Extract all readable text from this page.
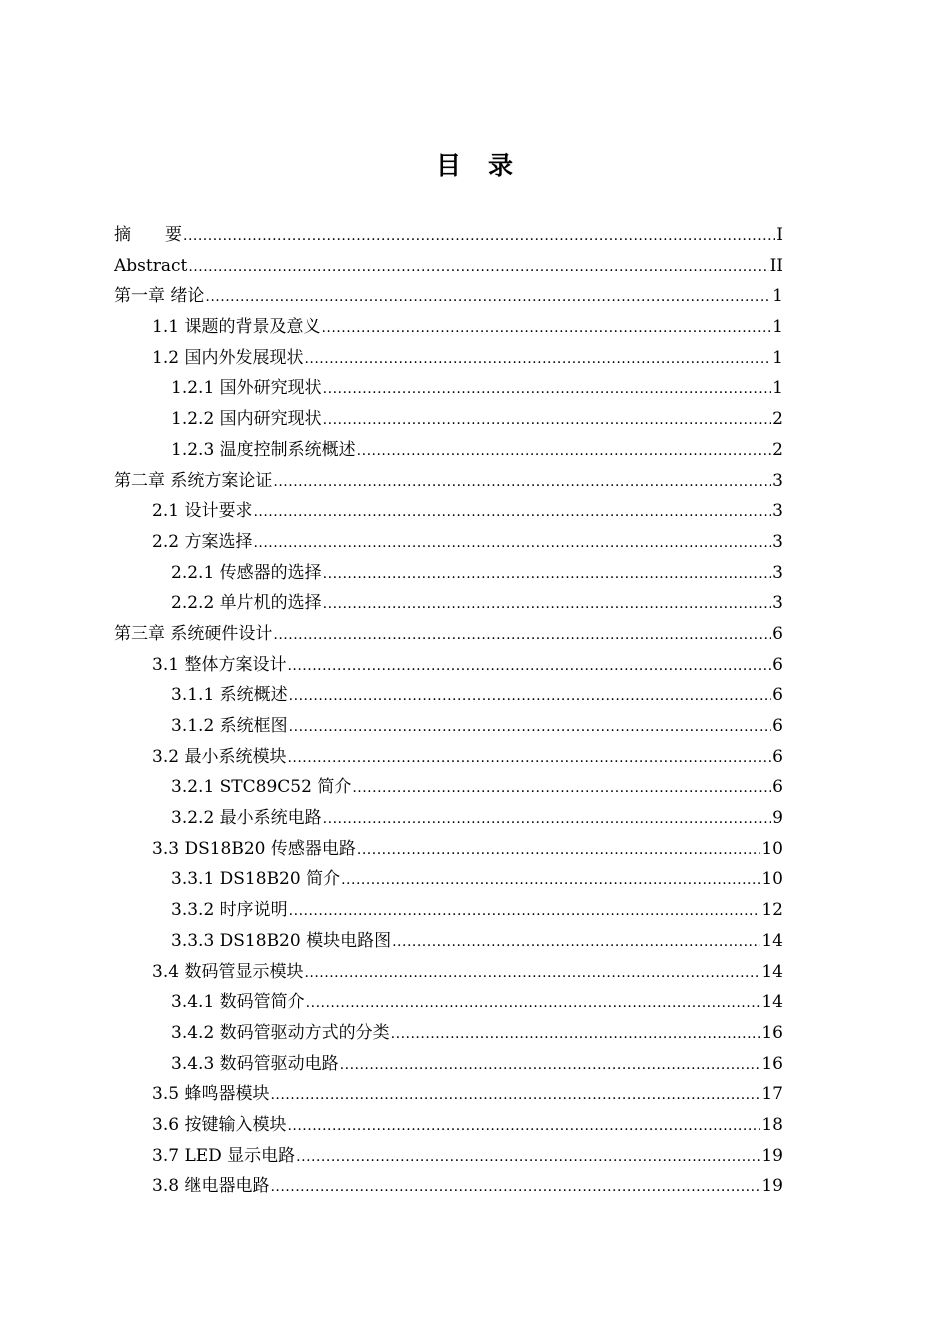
目　录
摘　　要 .....	I
Abstract .....	II
第一章 绪论 .....	1
1.1 课题的背景及意义 .....	1
1.2 国内外发展现状 .....	1
1.2.1 国外研究现状 .....	1
1.2.2 国内研究现状 .....	2
1.2.3 温度控制系统概述 .....	2
第二章 系统方案论证 .....	3
2.1 设计要求 .....	3
2.2 方案选择 .....	3
2.2.1 传感器的选择 .....	3
2.2.2 单片机的选择 .....	3
第三章 系统硬件设计 .....	6
3.1 整体方案设计 .....	6
3.1.1 系统概述 .....	6
3.1.2 系统框图 .....	6
3.2 最小系统模块 .....	6
3.2.1 STC89C52 简介 .....	6
3.2.2 最小系统电路 .....	9
3.3 DS18B20 传感器电路 .....	10
3.3.1 DS18B20 简介 .....	10
3.3.2 时序说明 .....	12
3.3.3 DS18B20 模块电路图 .....	14
3.4 数码管显示模块 .....	14
3.4.1 数码管简介 .....	14
3.4.2 数码管驱动方式的分类 .....	16
3.4.3 数码管驱动电路 .....	16
3.5 蜂鸣器模块 .....	17
3.6 按键输入模块 .....	18
3.7 LED 显示电路 .....	19
3.8 继电器电路 .....	19
